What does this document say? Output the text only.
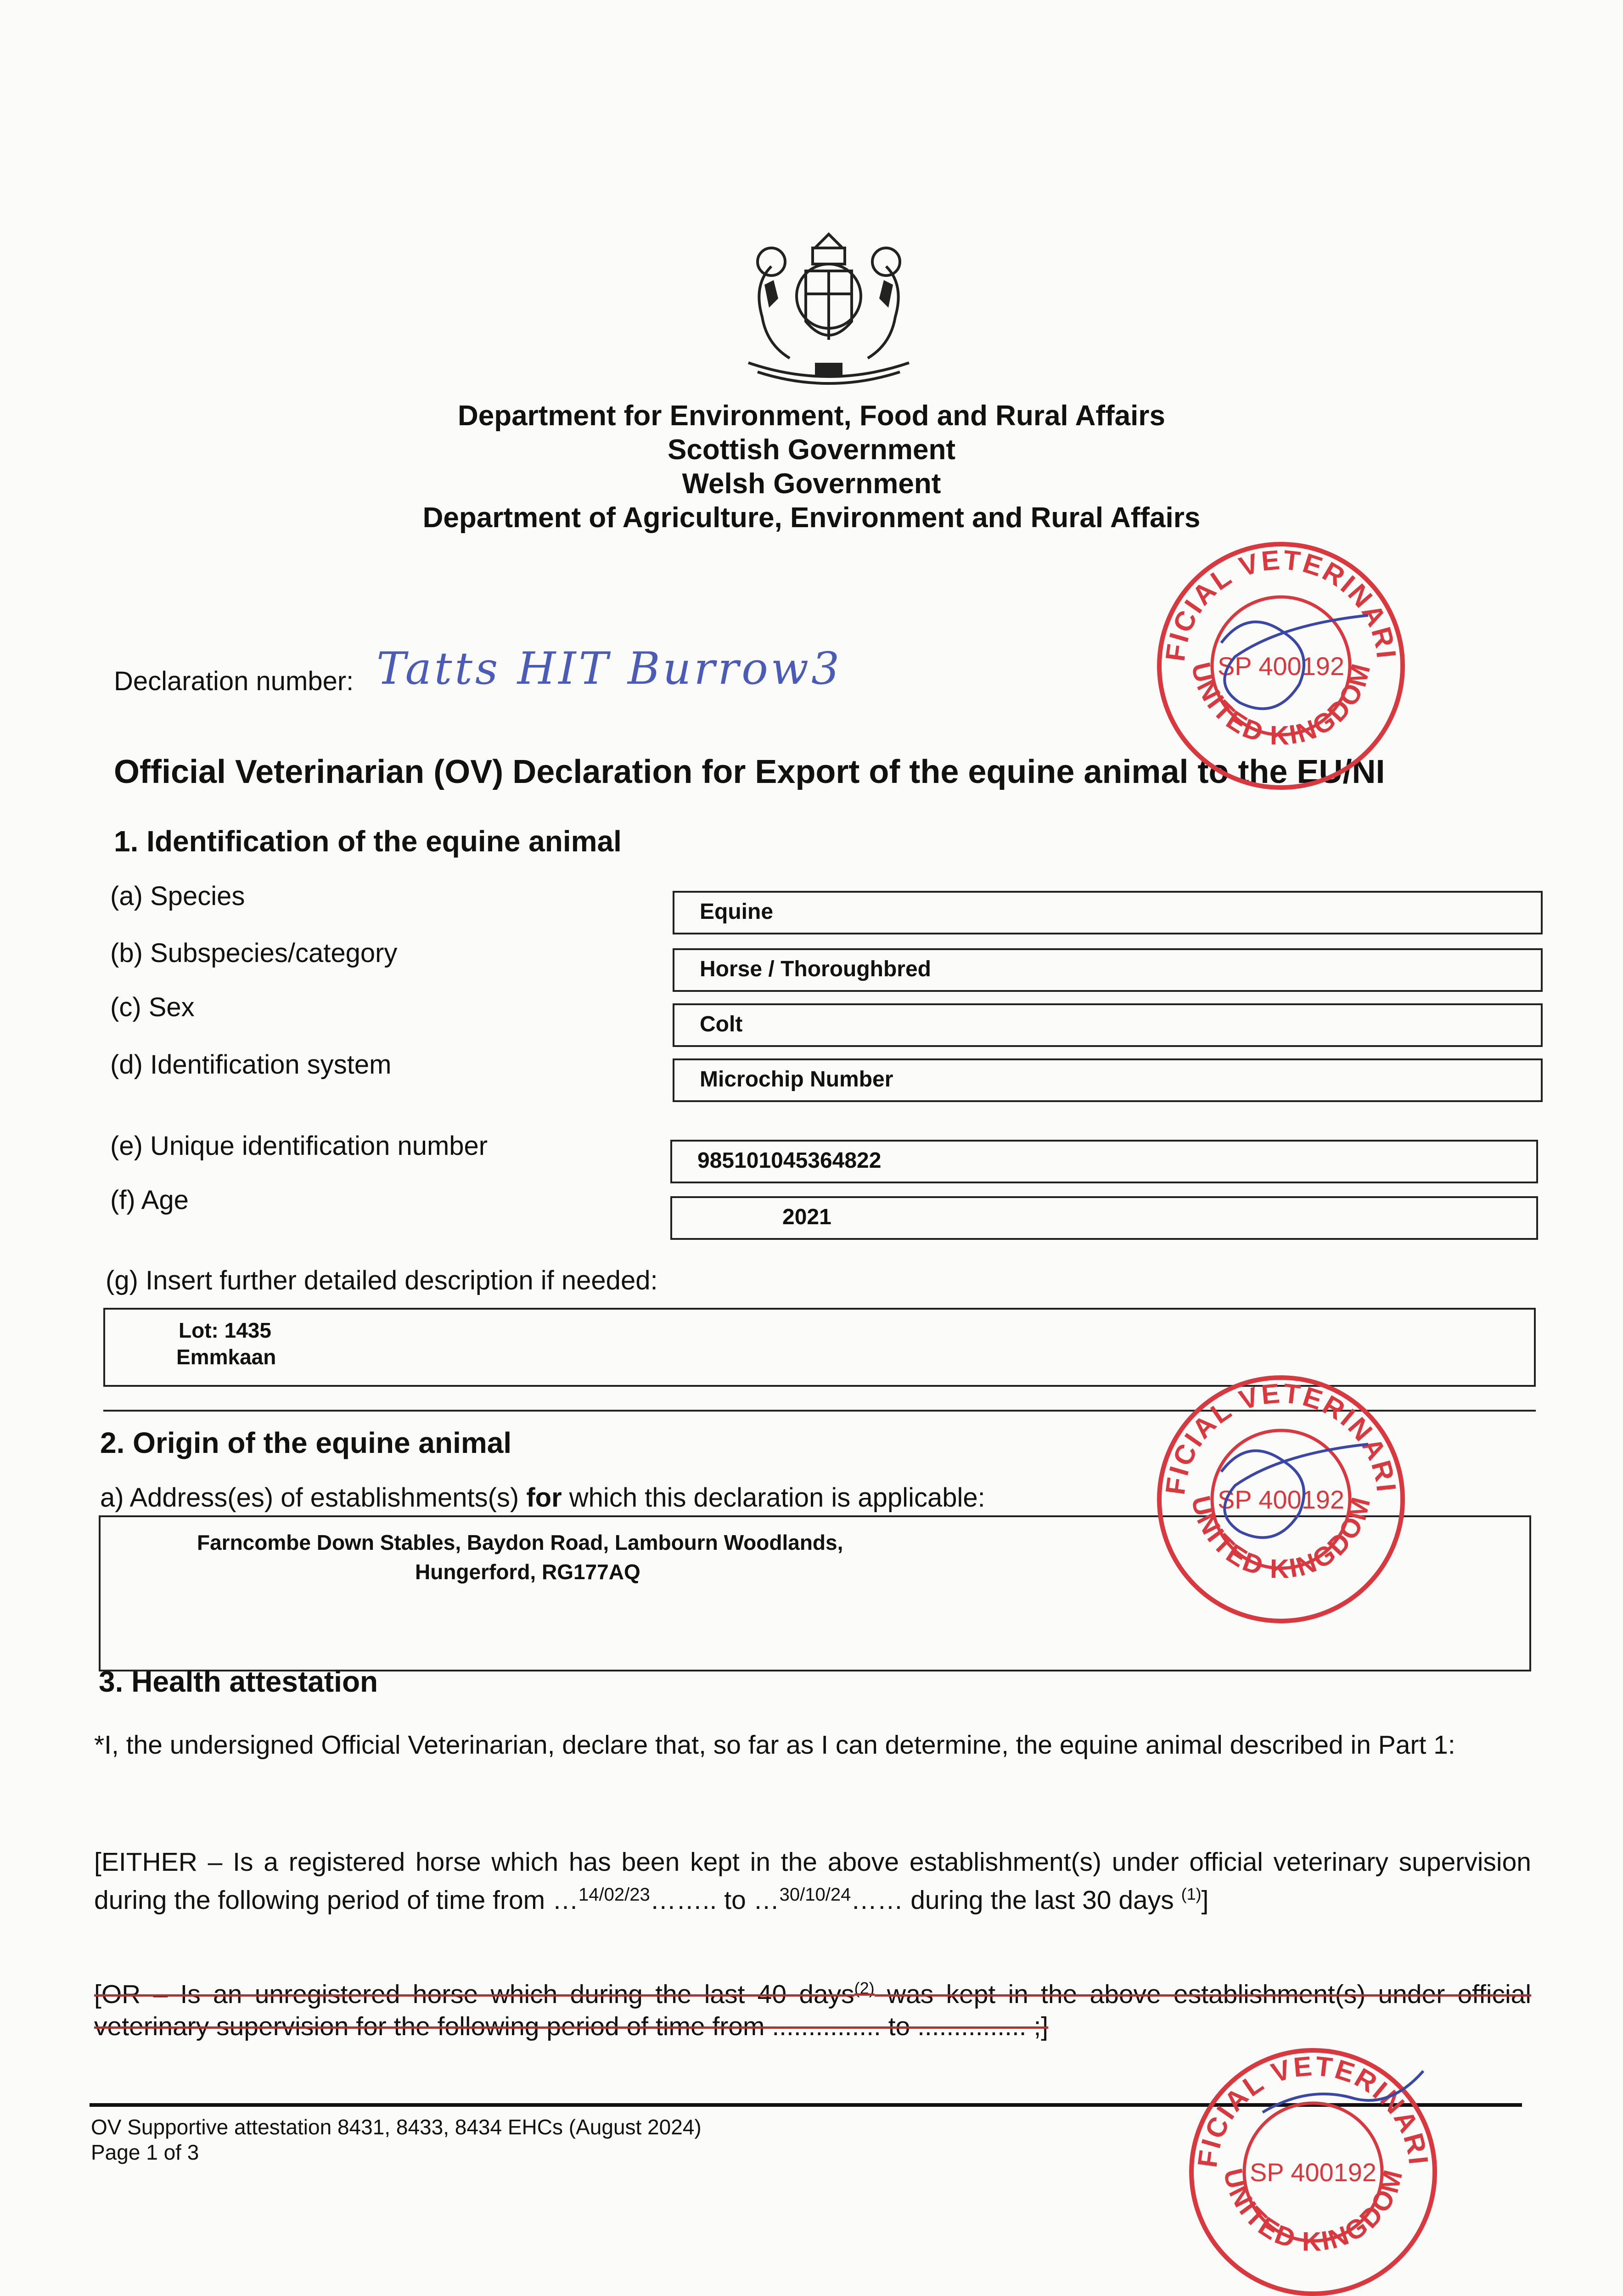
Department for Environment, Food and Rural Affairs
Scottish Government
Welsh Government
Department of Agriculture, Environment and Rural Affairs
Declaration number: Tatts HIT Burrow3
Official Veterinarian (OV) Declaration for Export of the equine animal to the EU/NI
1. Identification of the equine animal
(a) Species
Equine
(b) Subspecies/category
Horse / Thoroughbred
(c) Sex
Colt
(d) Identification system	Microchip Number
(e) Unique identification number	985101045364822
(f) Age
2021
(g) Insert further detailed description if needed:
Lot: 1435
Emmkaan
2. Origin of the equine animal
a) Address(es) of establishments(s) for which this declaration is applicable:
Farncombe Down Stables, Baydon Road, Lambourn Woodlands,
Hungerford, RG177AQ
3. Health attestation
*I, the undersigned Official Veterinarian, declare that, so far as I can determine, the equine animal described in Part 1:
[EITHER – Is a registered horse which has been kept in the above establishment(s) under official veterinary supervision during the following period of time from …$^{14/02/23}$…….. to …$^{30/10/24}$…… during the last 30 days $^{(1)}$]
[OR – Is an unregistered horse which during the last 40 days$^{(2)}$ was kept in the above establishment(s) under official veterinary supervision for the following period of time from ............... to ............... ;]
OV Supportive attestation 8431, 8433, 8434 EHCs (August 2024)
Page 1 of 3
FICIAL VETERINARI
UNITED KINGDOM
SP 400192
FICIAL VETERINARI
UNITED KINGDOM
SP 400192
FICIAL VETERINARI
UNITED KINGDOM
SP 400192
